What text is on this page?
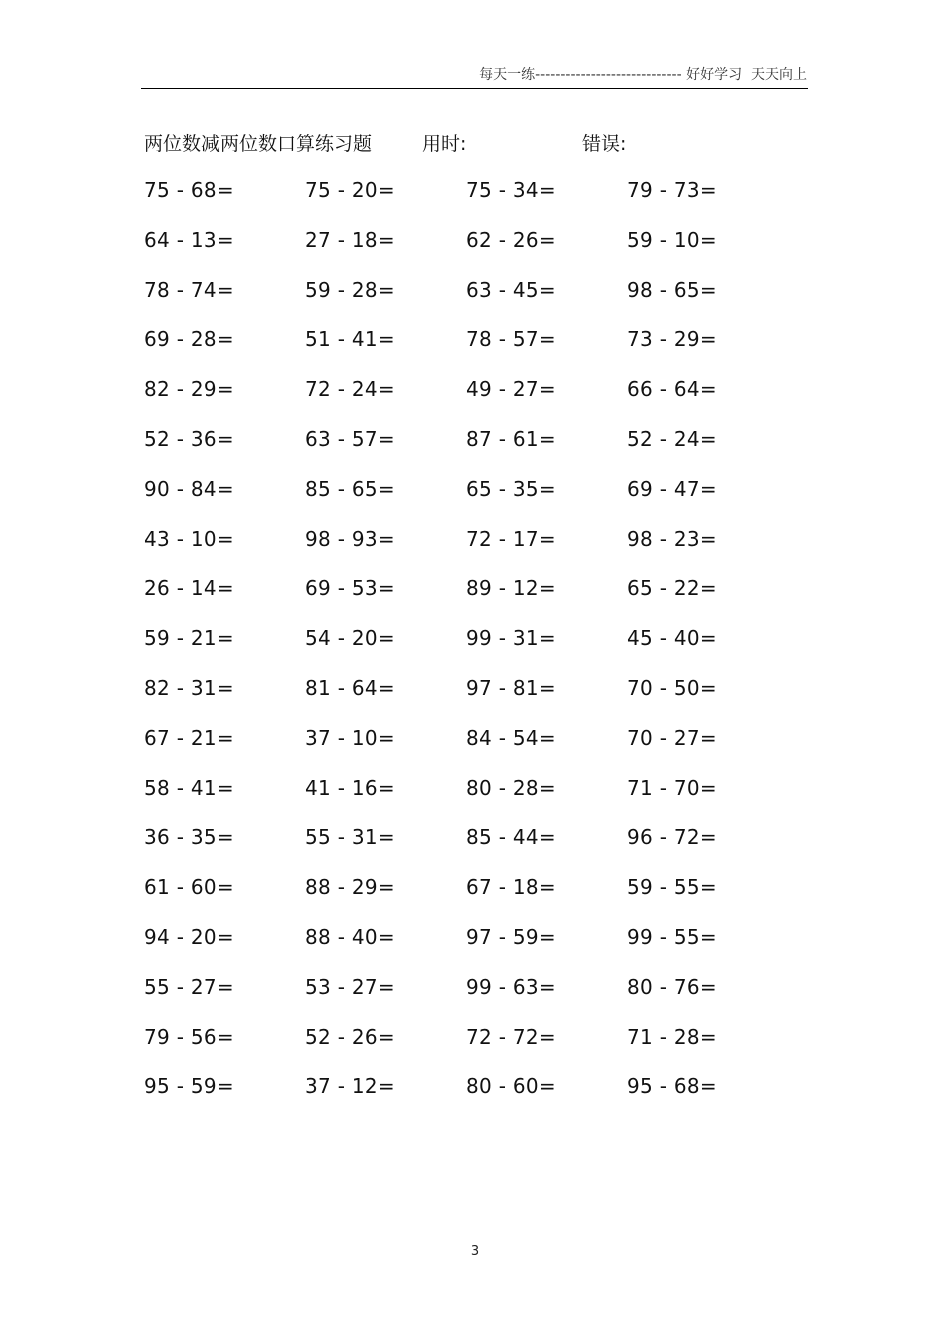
每天一练----------------------------- 好好学习  天天向上
两位数减两位数口算练习题	用时:	错误:
75 - 68=	75 - 20=	75 - 34=	79 - 73=
64 - 13=	27 - 18=	62 - 26=	59 - 10=
78 - 74=	59 - 28=	63 - 45=	98 - 65=
69 - 28=	51 - 41=	78 - 57=	73 - 29=
82 - 29=	72 - 24=	49 - 27=	66 - 64=
52 - 36=	63 - 57=	87 - 61=	52 - 24=
90 - 84=	85 - 65=	65 - 35=	69 - 47=
43 - 10=	98 - 93=	72 - 17=	98 - 23=
26 - 14=	69 - 53=	89 - 12=	65 - 22=
59 - 21=	54 - 20=	99 - 31=	45 - 40=
82 - 31=	81 - 64=	97 - 81=	70 - 50=
67 - 21=	37 - 10=	84 - 54=	70 - 27=
58 - 41=	41 - 16=	80 - 28=	71 - 70=
36 - 35=	55 - 31=	85 - 44=	96 - 72=
61 - 60=	88 - 29=	67 - 18=	59 - 55=
94 - 20=	88 - 40=	97 - 59=	99 - 55=
55 - 27=	53 - 27=	99 - 63=	80 - 76=
79 - 56=	52 - 26=	72 - 72=	71 - 28=
95 - 59=	37 - 12=	80 - 60=	95 - 68=
3
